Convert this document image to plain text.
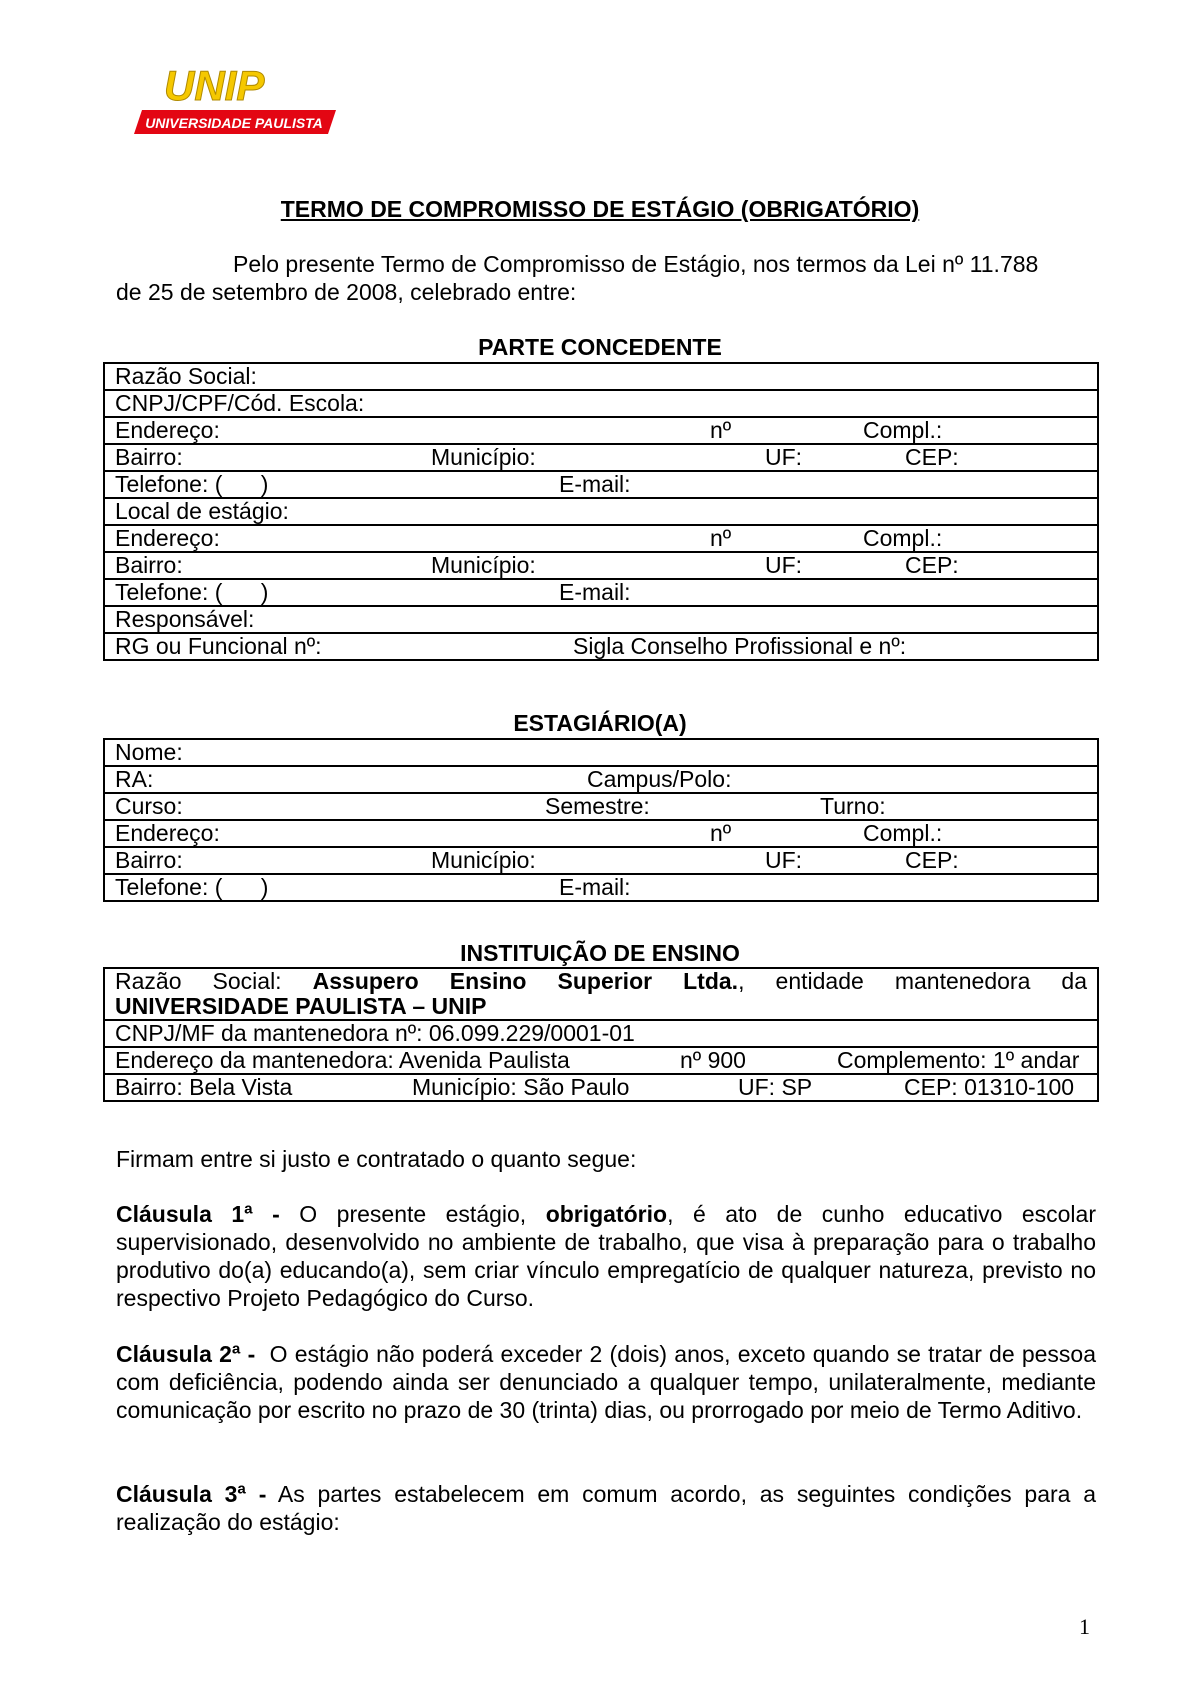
UNIP
UNIVERSIDADE PAULISTA
TERMO DE COMPROMISSO DE ESTÁGIO (OBRIGATÓRIO)
Pelo presente Termo de Compromisso de Estágio, nos termos da Lei nº 11.788
de 25 de setembro de 2008, celebrado entre:
PARTE CONCEDENTE
Razão Social:
CNPJ/CPF/Cód. Escola:

Endereço:	nº	Compl.:

Bairro:	Município:	UF:	CEP:

Telefone: (      )	E-mail:

Local de estágio:

Endereço:	nº	Compl.:

Bairro:	Município:	UF:	CEP:

Telefone: (      )	E-mail:

Responsável:

RG ou Funcional nº:	Sigla Conselho Profissional e nº:
ESTAGIÁRIO(A)
Nome:

RA:	Campus/Polo:

Curso:	Semestre:	Turno:

Endereço:	nº	Compl.:

Bairro:	Município:	UF:	CEP:

Telefone: (      )	E-mail:
INSTITUIÇÃO DE ENSINO
Razão Social: Assupero Ensino Superior Ltda., entidade mantenedora da
UNIVERSIDADE PAULISTA – UNIP

CNPJ/MF da mantenedora nº: 06.099.229/0001-01

Endereço da mantenedora: Avenida Paulista	nº 900	Complemento: 1º andar

Bairro: Bela Vista	Município: São Paulo	UF: SP	CEP: 01310-100
Firmam entre si justo e contratado o quanto segue:
Cláusula 1ª - O presente estágio, obrigatório, é ato de cunho educativo escolar supervisionado, desenvolvido no ambiente de trabalho, que visa à preparação para o trabalho produtivo do(a) educando(a), sem criar vínculo empregatício de qualquer natureza, previsto no respectivo Projeto Pedagógico do Curso.
Cláusula 2ª -  O estágio não poderá exceder 2 (dois) anos, exceto quando se tratar de pessoa com deficiência, podendo ainda ser denunciado a qualquer tempo, unilateralmente, mediante comunicação por escrito no prazo de 30 (trinta) dias, ou prorrogado por meio de Termo Aditivo.
Cláusula 3ª - As partes estabelecem em comum acordo, as seguintes condições para a realização do estágio:
1
